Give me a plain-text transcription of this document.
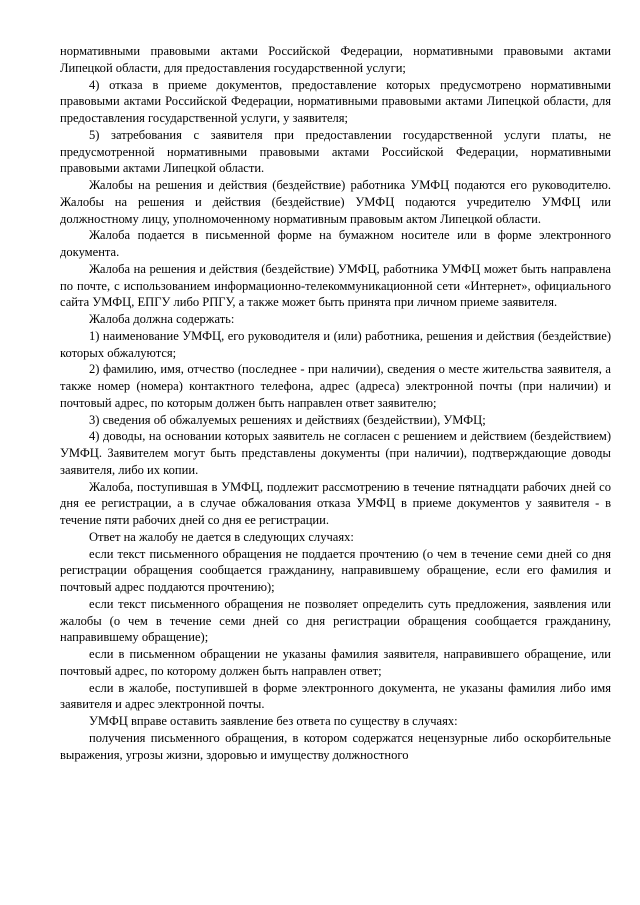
нормативными правовыми актами Российской Федерации, нормативными правовыми актами Липецкой области, для предоставления государственной услуги;

4) отказа в приеме документов, предоставление которых предусмотрено нормативными правовыми актами Российской Федерации, нормативными правовыми актами Липецкой области, для предоставления государственной услуги, у заявителя;

5) затребования с заявителя при предоставлении государственной услуги платы, не предусмотренной нормативными правовыми актами Российской Федерации, нормативными правовыми актами Липецкой области.

Жалобы на решения и действия (бездействие) работника УМФЦ подаются его руководителю. Жалобы на решения и действия (бездействие) УМФЦ подаются учредителю УМФЦ или должностному лицу, уполномоченному нормативным правовым актом Липецкой области.

Жалоба подается в письменной форме на бумажном носителе или в форме электронного документа.

Жалоба на решения и действия (бездействие) УМФЦ, работника УМФЦ может быть направлена по почте, с использованием информационно-телекоммуникационной сети «Интернет», официального сайта УМФЦ, ЕПГУ либо РПГУ, а также может быть принята при личном приеме заявителя.

Жалоба должна содержать:

1) наименование УМФЦ, его руководителя и (или) работника, решения и действия (бездействие) которых обжалуются;

2) фамилию, имя, отчество (последнее - при наличии), сведения о месте жительства заявителя, а также номер (номера) контактного телефона, адрес (адреса) электронной почты (при наличии) и почтовый адрес, по которым должен быть направлен ответ заявителю;

3) сведения об обжалуемых решениях и действиях (бездействии), УМФЦ;

4) доводы, на основании которых заявитель не согласен с решением и действием (бездействием) УМФЦ. Заявителем могут быть представлены документы (при наличии), подтверждающие доводы заявителя, либо их копии.

Жалоба, поступившая в УМФЦ, подлежит рассмотрению в течение пятнадцати рабочих дней со дня ее регистрации, а в случае обжалования отказа УМФЦ в приеме документов у заявителя - в течение пяти рабочих дней со дня ее регистрации.

Ответ на жалобу не дается в следующих случаях:

если текст письменного обращения не поддается прочтению (о чем в течение семи дней со дня регистрации обращения сообщается гражданину, направившему обращение, если его фамилия и почтовый адрес поддаются прочтению);

если текст письменного обращения не позволяет определить суть предложения, заявления или жалобы (о чем в течение семи дней со дня регистрации обращения сообщается гражданину, направившему обращение);

если в письменном обращении не указаны фамилия заявителя, направившего обращение, или почтовый адрес, по которому должен быть направлен ответ;

если в жалобе, поступившей в форме электронного документа, не указаны фамилия либо имя заявителя и адрес электронной почты.

УМФЦ вправе оставить заявление без ответа по существу в случаях:

получения письменного обращения, в котором содержатся нецензурные либо оскорбительные выражения, угрозы жизни, здоровью и имуществу должностного
